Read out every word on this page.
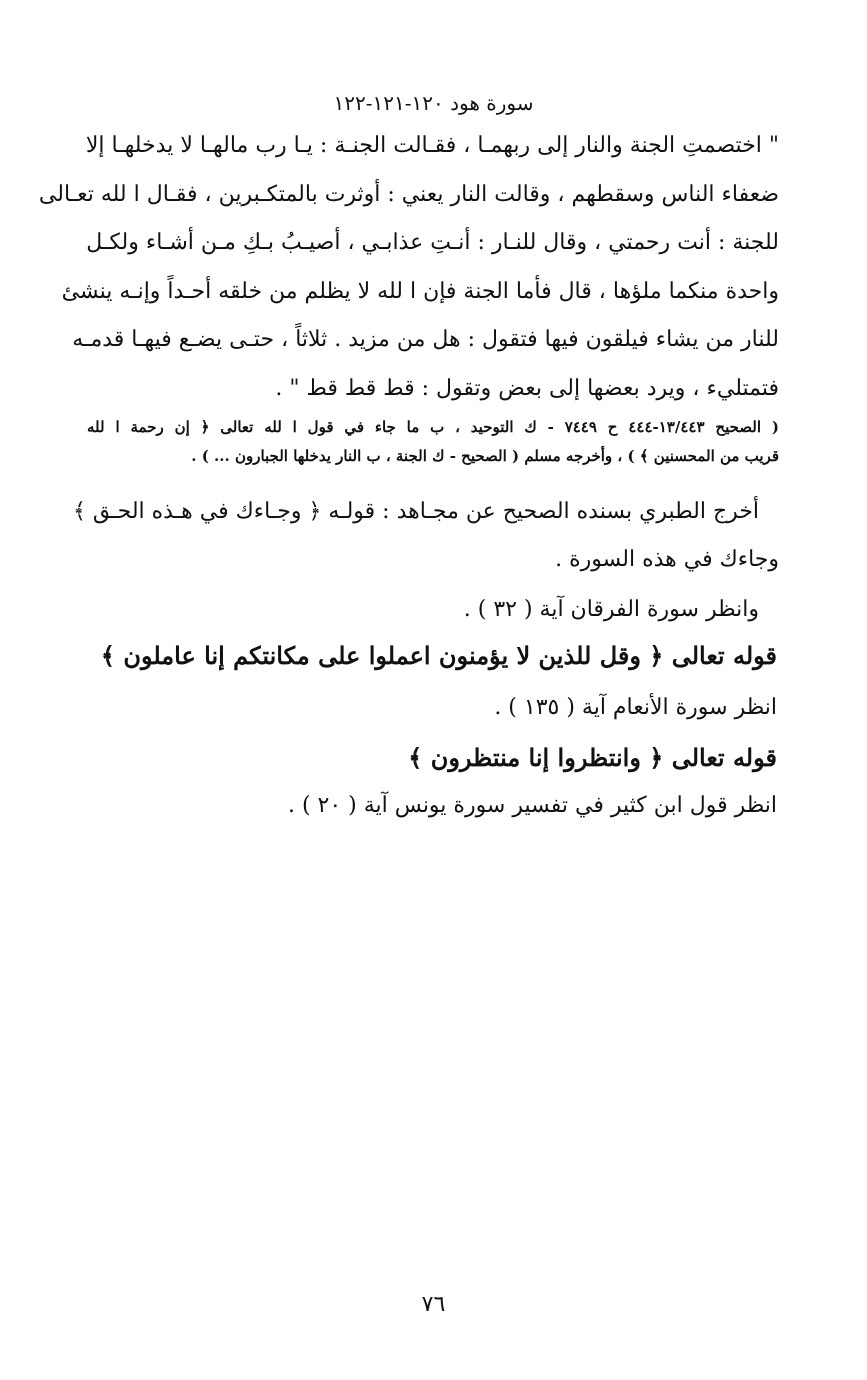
سورة هود ١٢٠-١٢١-١٢٢
" اختصمتِ الجنة والنار إلى ربهمـا ، فقـالت الجنـة : يـا رب مالهـا لا يدخلهـا إلا
ضعفاء الناس وسقطهم ، وقالت النار يعني : أوثرت بالمتكـبرين ، فقـال ا لله تعـالى
للجنة : أنت رحمتي ، وقال للنـار : أنـتِ عذابـي ، أصيـبُ بـكِ مـن أشـاء ولكـل
واحدة منكما ملؤها ، قال فأما الجنة فإن ا لله لا يظلم من خلقه أحـداً وإنـه ينشئ
للنار من يشاء فيلقون فيها فتقول : هل من مزيد . ثلاثاً ، حتـى يضـع فيهـا قدمـه
فتمتليء ، ويرد بعضها إلى بعض وتقول : قط قط قط " .
( الصحيح ١٣/٤٤٣-٤٤٤ ح ٧٤٤٩ - ك التوحيد ، ب ما جاء في قول ا لله تعالى ﴿ إن رحمة ا لله
قريب من المحسنين ﴾ ) ، وأخرجه مسلم ( الصحيح - ك الجنة ، ب النار يدخلها الجبارون ... ) .
أخرج الطبري بسنده الصحيح عن مجـاهد : قولـه ﴿ وجـاءك في هـذه الحـق ﴾
وجاءك في هذه السورة .
وانظر سورة الفرقان آية ( ٣٢ ) .
قوله تعالى ﴿ وقل للذين لا يؤمنون اعملوا على مكانتكم إنا عاملون ﴾
انظر سورة الأنعام آية ( ١٣٥ ) .
قوله تعالى ﴿ وانتظروا إنا منتظرون ﴾
انظر قول ابن كثير في تفسير سورة يونس آية ( ٢٠ ) .
٧٦
